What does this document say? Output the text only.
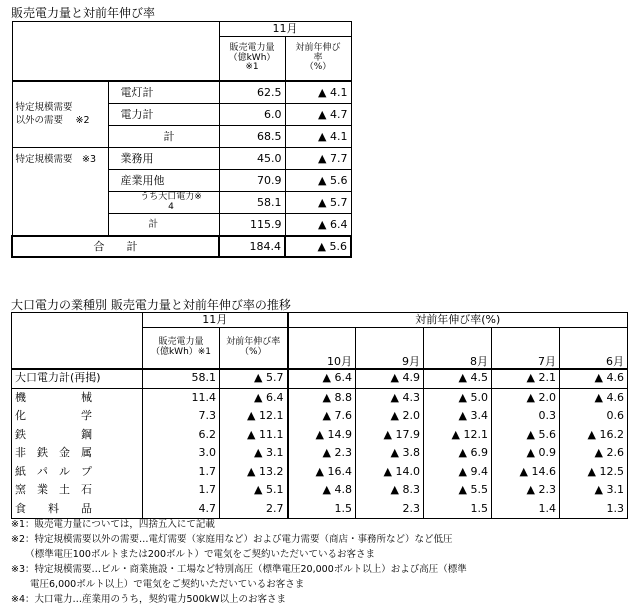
販売電力量と対前年伸び率
		11月	
		販売電力量
（億kWh）※1	対前年伸び
率
（%）
特定規模需要
以外の需要　 ※2	電灯計	62.5	▲ 4.1
	電力計	6.0	▲ 4.7
	計	68.5	▲ 4.1
特定規模需要　※3	業務用	45.0	▲ 7.7
	産業用他	70.9	▲ 5.6
	うち大口電力※
4	58.1	▲ 5.7
	計	115.9	▲ 6.4
合　　計		184.4	▲ 5.6
大口電力の業種別 販売電力量と対前年伸び率の推移
	11月		対前年伸び率(%)				
	販売電力量
（億kWh）※1	対前年伸び率
（%）	10月	9月	8月	7月	6月
大口電力計(再掲)	58.1	▲ 5.7	▲ 6.4	▲ 4.9	▲ 4.5	▲ 2.1	▲ 4.6
機　　　　　械	11.4	▲ 6.4	▲ 8.8	▲ 4.3	▲ 5.0	▲ 2.0	▲ 4.6
化　　　　　学	7.3	▲ 12.1	▲ 7.6	▲ 2.0	▲ 3.4	0.3	0.6
鉄　　　　　鋼	6.2	▲ 11.1	▲ 14.9	▲ 17.9	▲ 12.1	▲ 5.6	▲ 16.2
非　鉄　金　属	3.0	▲ 3.1	▲ 2.3	▲ 3.8	▲ 6.9	▲ 0.9	▲ 2.6
紙　パ　ル　プ	1.7	▲ 13.2	▲ 16.4	▲ 14.0	▲ 9.4	▲ 14.6	▲ 12.5
窯　業　土　石	1.7	▲ 5.1	▲ 4.8	▲ 8.3	▲ 5.5	▲ 2.3	▲ 3.1
食　　料　　品	4.7	2.7	1.5	2.3	1.5	1.4	1.3
※1：販売電力量については，四捨五入にて記載
※2：特定規模需要以外の需要…電灯需要（家庭用など）および電力需要（商店・事務所など）など低圧
　　（標準電圧100ボルトまたは200ボルト）で電気をご契約いただいているお客さま
※3：特定規模需要…ビル・商業施設・工場など特別高圧（標準電圧20,000ボルト以上）および高圧（標準
　　電圧6,000ボルト以上）で電気をご契約いただいているお客さま
※4：大口電力…産業用のうち，契約電力500kW以上のお客さま
